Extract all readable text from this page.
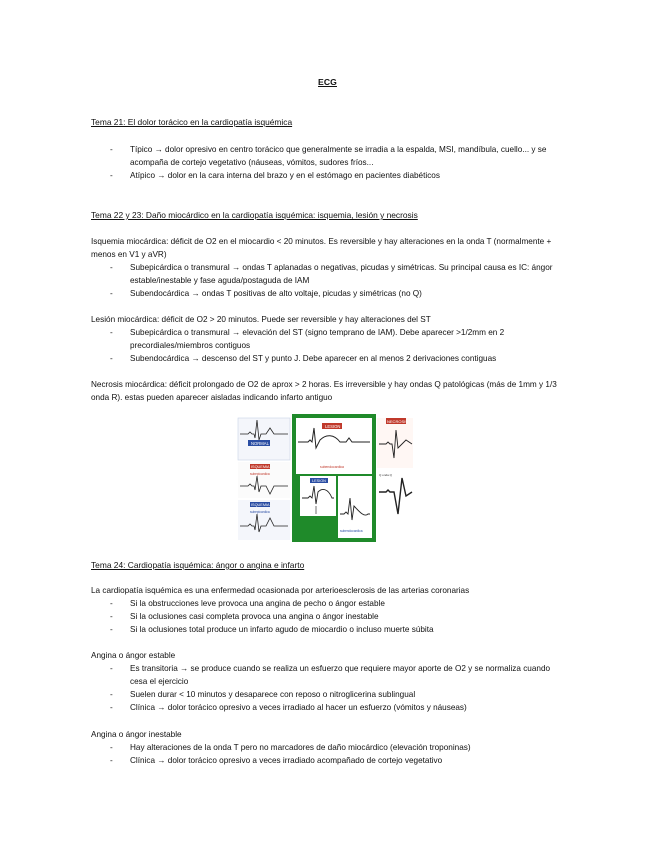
ECG
Tema 21: El dolor torácico en la cardiopatía isquémica
- Típico → dolor opresivo en centro torácico que generalmente se irradia a la espalda, MSI, mandíbula, cuello... y se acompaña de cortejo vegetativo (náuseas, vómitos, sudores fríos...
- Atípico → dolor en la cara interna del brazo y en el estómago en pacientes diabéticos
Tema 22 y 23: Daño miocárdico en la cardiopatía isquémica: isquemia, lesión y necrosis
Isquemia miocárdica: déficit de O2 en el miocardio < 20 minutos. Es reversible y hay alteraciones en la onda T (normalmente + menos en V1 y aVR)
- Subepicárdica o transmural → ondas T aplanadas o negativas, picudas y simétricas. Su principal causa es IC: ángor estable/inestable y fase aguda/postaguda de IAM
- Subendocárdica → ondas T positivas de alto voltaje, picudas y simétricas (no Q)
Lesión miocárdica: déficit de O2 > 20 minutos. Puede ser reversible y hay alteraciones del ST
- Subepicárdica o transmural → elevación del ST (signo temprano de IAM). Debe aparecer >1/2mm en 2 precordiales/miembros contiguos
- Subendocárdica → descenso del ST y punto J. Debe aparecer en al menos 2 derivaciones contiguas
Necrosis miocárdica: déficit prolongado de O2 de aprox > 2 horas. Es irreversible y hay ondas Q patológicas (más de 1mm y 1/3 onda R). estas pueden aparecer aisladas indicando infarto antiguo
NORMAL
LESION
subendocardica
NECROSIS
ISQUEMIA
subepicardica
LESION
Q onda Q
ISQUEMIA
subepicardica
subendocardica
Tema 24: Cardiopatía isquémica: ángor o angina e infarto
La cardiopatía isquémica es una enfermedad ocasionada por arterioesclerosis de las arterias coronarias
- Si la obstrucciones leve provoca una angina de pecho o ángor estable
- Si la oclusiones casi completa provoca una angina o ángor inestable
- Si la oclusiones total produce un infarto agudo de miocardio o incluso muerte súbita
Angina o ángor estable
- Es transitoria → se produce cuando se realiza un esfuerzo que requiere mayor aporte de O2 y se normaliza cuando cesa el ejercicio
- Suelen durar < 10 minutos y desaparece con reposo o nitroglicerina sublingual
- Clínica → dolor torácico opresivo a veces irradiado al hacer un esfuerzo (vómitos y náuseas)
Angina o ángor inestable
- Hay alteraciones de la onda T pero no marcadores de daño miocárdico (elevación troponinas)
- Clínica → dolor torácico opresivo a veces irradiado acompañado de cortejo vegetativo
